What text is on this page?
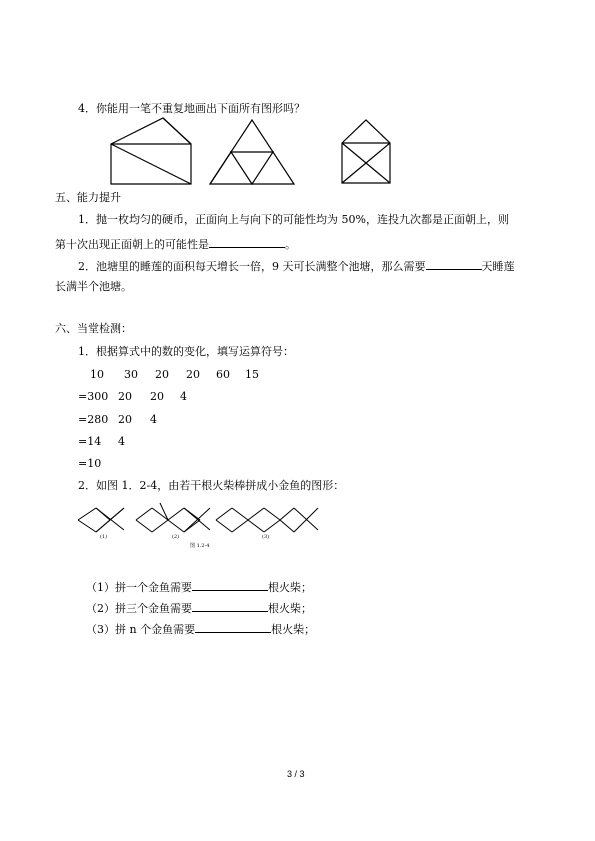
4．你能用一笔不重复地画出下面所有图形吗？
五、能力提升
1．抛一枚均匀的硬币，正面向上与向下的可能性均为 50%，连投九次都是正面朝上，则
第十次出现正面朝上的可能性是	。
2．池塘里的睡莲的面积每天增长一倍，9 天可长满整个池塘，那么需要	天睡莲
长满半个池塘。
六、当堂检测：
1．根据算式中的数的变化，填写运算符号：
10 30 20 20 60 15
=300 20 20 4
=280 20 4
=14 4
=10
2．如图 1．2-4，由若干根火柴棒拼成小金鱼的图形：
(1)	(2)
图 1.2-4
(3)
（1）拼一个金鱼需要	根火柴；
（2）拼三个金鱼需要	根火柴；
（3）拼 n 个金鱼需要	根火柴；
3 / 3
